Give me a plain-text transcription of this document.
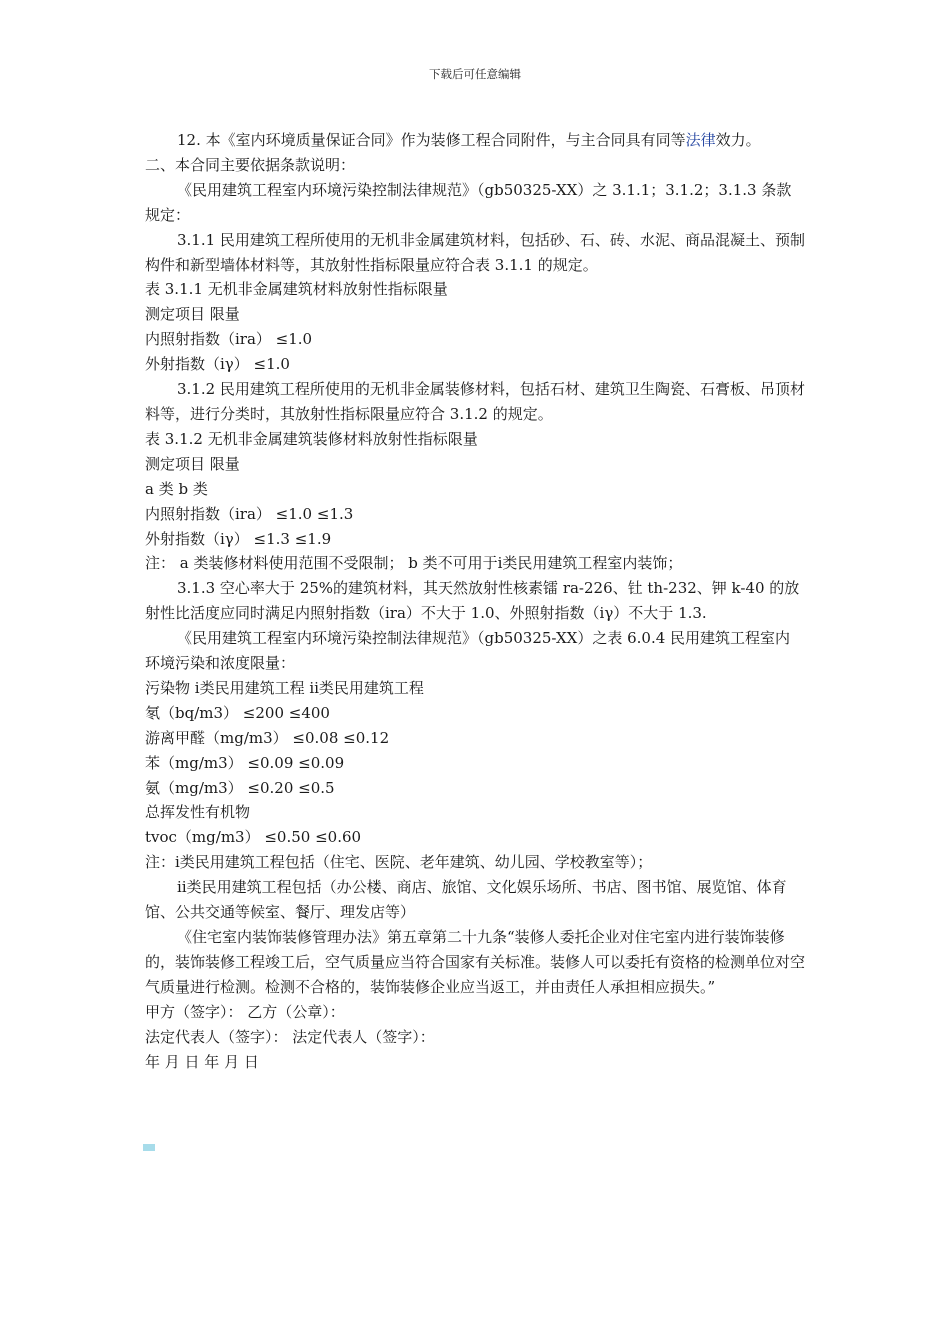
下载后可任意编辑

12. 本《室内环境质量保证合同》作为装修工程合同附件，与主合同具有同等法律效力。

二、本合同主要依据条款说明：

《民用建筑工程室内环境污染控制法律规范》（gb50325-XX）之 3.1.1；3.1.2；3.1.3 条款规定：

3.1.1 民用建筑工程所使用的无机非金属建筑材料，包括砂、石、砖、水泥、商品混凝土、预制构件和新型墙体材料等，其放射性指标限量应符合表 3.1.1 的规定。

表 3.1.1 无机非金属建筑材料放射性指标限量

测定项目 限量

内照射指数（ira） ≤1.0

外射指数（iγ） ≤1.0

3.1.2 民用建筑工程所使用的无机非金属装修材料，包括石材、建筑卫生陶瓷、石膏板、吊顶材料等，进行分类时，其放射性指标限量应符合 3.1.2 的规定。

表 3.1.2 无机非金属建筑装修材料放射性指标限量

测定项目 限量

a 类 b 类

内照射指数（ira） ≤1.0 ≤1.3

外射指数（iγ） ≤1.3 ≤1.9

注： a 类装修材料使用范围不受限制； b 类不可用于ⅰ类民用建筑工程室内装饰；

3.1.3 空心率大于 25%的建筑材料，其天然放射性核素镭 ra-226、钍 th-232、钾 k-40 的放射性比活度应同时满足内照射指数（ira）不大于 1.0、外照射指数（iγ）不大于 1.3.

《民用建筑工程室内环境污染控制法律规范》（gb50325-XX）之表 6.0.4 民用建筑工程室内环境污染和浓度限量：

污染物 ⅰ类民用建筑工程 ⅱ类民用建筑工程

氡（bq/m3） ≤200 ≤400

游离甲醛（mg/m3） ≤0.08 ≤0.12

苯（mg/m3） ≤0.09 ≤0.09

氨（mg/m3） ≤0.20 ≤0.5

总挥发性有机物

tvoc（mg/m3） ≤0.50 ≤0.60

注：ⅰ类民用建筑工程包括（住宅、医院、老年建筑、幼儿园、学校教室等）；

ⅱ类民用建筑工程包括（办公楼、商店、旅馆、文化娱乐场所、书店、图书馆、展览馆、体育馆、公共交通等候室、餐厅、理发店等）

《住宅室内装饰装修管理办法》第五章第二十九条“装修人委托企业对住宅室内进行装饰装修的，装饰装修工程竣工后，空气质量应当符合国家有关标准。装修人可以委托有资格的检测单位对空气质量进行检测。检测不合格的，装饰装修企业应当返工，并由责任人承担相应损失。”

甲方（签字）： 乙方（公章）：

法定代表人（签字）： 法定代表人（签字）：

年 月 日 年 月 日
